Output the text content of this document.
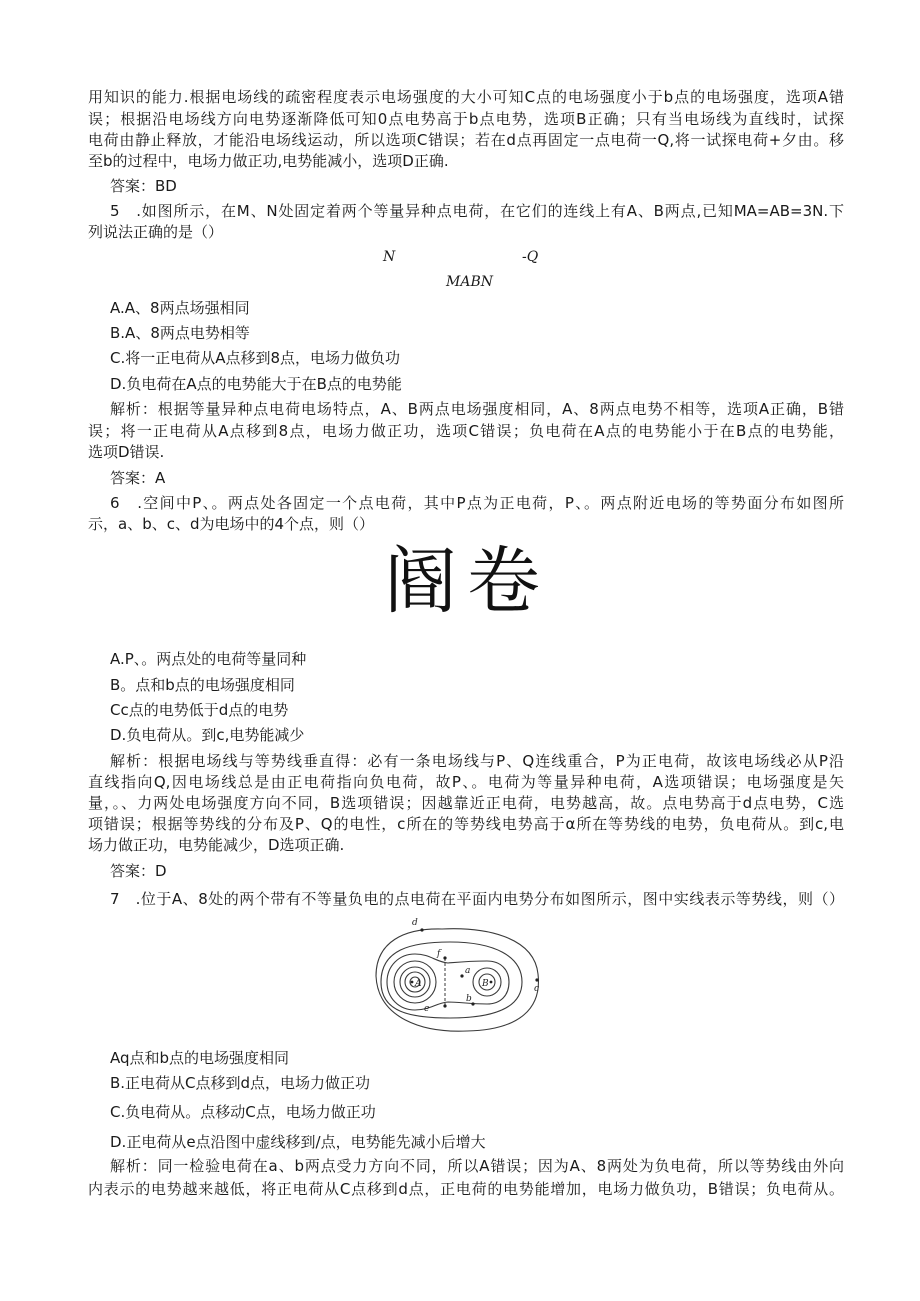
用知识的能力.根据电场线的疏密程度表示电场强度的大小可知C点的电场强度小于b点的电场强度，选项A错
误；根据沿电场线方向电势逐渐降低可知0点电势高于b点电势，选项B正确；只有当电场线为直线时，试探
电荷由静止释放，才能沿电场线运动，所以选项C错误；若在d点再固定一点电荷一Q,将一试探电荷+夕由。移
至b的过程中，电场力做正功,电势能减小，选项D正确.
答案：BD
5　.如图所示，在M、N处固定着两个等量异种点电荷，在它们的连线上有A、B两点,已知MA=AB=3N.下
列说法正确的是（）
N	-Q
MABN
A.A、8两点场强相同
B.A、8两点电势相等
C.将一正电荷从A点移到8点，电场力做负功
D.负电荷在A点的电势能大于在B点的电势能
解析：根据等量异种点电荷电场特点，A、B两点电场强度相同，A、8两点电势不相等，选项A正确，B错
误；将一正电荷从A点移到8点，电场力做正功，选项C错误；负电荷在A点的电势能小于在B点的电势能，
选项D错误.
答案：A
6　.空间中P、。两点处各固定一个点电荷，其中P点为正电荷，P、。两点附近电场的等势面分布如图所
示，a、b、c、d为电场中的4个点，则（）
阍卷
A.P、。两点处的电荷等量同种
B。点和b点的电场强度相同
Cc点的电势低于d点的电势
D.负电荷从。到c,电势能减少
解析：根据电场线与等势线垂直得：必有一条电场线与P、Q连线重合，P为正电荷，故该电场线必从P沿
直线指向Q,因电场线总是由正电荷指向负电荷，故P、。电荷为等量异种电荷，A选项错误；电场强度是矢
量，。、力两处电场强度方向不同，B选项错误；因越靠近正电荷，电势越高，故。点电势高于d点电势，C选
项错误；根据等势线的分布及P、Q的电性，c所在的等势线电势高于α所在等势线的电势，负电荷从。到c,电
场力做正功，电势能减少，D选项正确.
答案：D
7　.位于A、8处的两个带有不等量负电的点电荷在平面内电势分布如图所示，图中实线表示等势线，则（）
d
f
a
A	B
b
c
e
Aq点和b点的电场强度相同
B.正电荷从C点移到d点，电场力做正功
C.负电荷从。点移动C点，电场力做正功
D.正电荷从e点沿图中虚线移到/点，电势能先减小后增大
解析：同一检验电荷在a、b两点受力方向不同，所以A错误；因为A、8两处为负电荷，所以等势线由外向
内表示的电势越来越低，将正电荷从C点移到d点，正电荷的电势能增加，电场力做负功，B错误；负电荷从。
